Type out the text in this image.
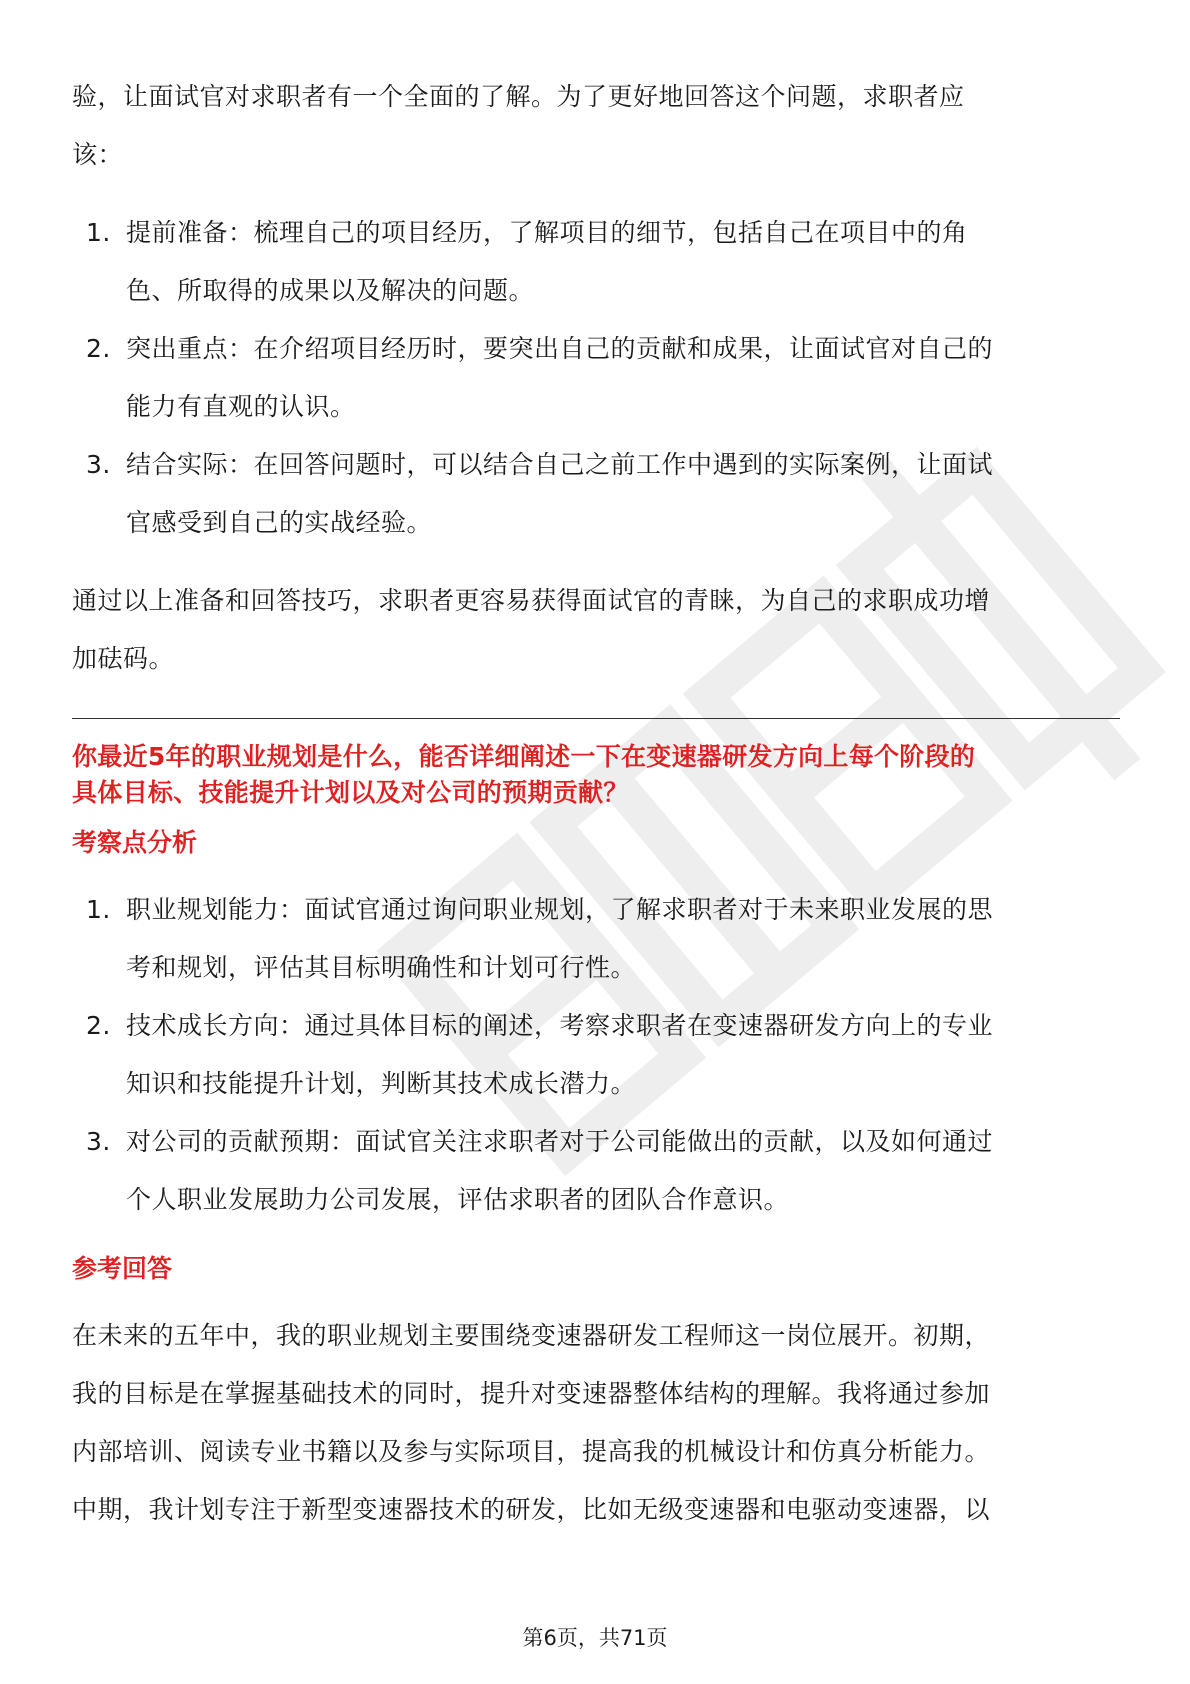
验，让面试官对求职者有一个全面的了解。为了更好地回答这个问题，求职者应
该：

1. 提前准备：梳理自己的项目经历，了解项目的细节，包括自己在项目中的角
色、所取得的成果以及解决的问题。
2. 突出重点：在介绍项目经历时，要突出自己的贡献和成果，让面试官对自己的
能力有直观的认识。
3. 结合实际：在回答问题时，可以结合自己之前工作中遇到的实际案例，让面试
官感受到自己的实战经验。

通过以上准备和回答技巧，求职者更容易获得面试官的青睐，为自己的求职成功增
加砝码。

你最近5年的职业规划是什么，能否详细阐述一下在变速器研发方向上每个阶段的
具体目标、技能提升计划以及对公司的预期贡献？

考察点分析

1. 职业规划能力：面试官通过询问职业规划，了解求职者对于未来职业发展的思
考和规划，评估其目标明确性和计划可行性。
2. 技术成长方向：通过具体目标的阐述，考察求职者在变速器研发方向上的专业
知识和技能提升计划，判断其技术成长潜力。
3. 对公司的贡献预期：面试官关注求职者对于公司能做出的贡献，以及如何通过
个人职业发展助力公司发展，评估求职者的团队合作意识。

参考回答

在未来的五年中，我的职业规划主要围绕变速器研发工程师这一岗位展开。初期，
我的目标是在掌握基础技术的同时，提升对变速器整体结构的理解。我将通过参加
内部培训、阅读专业书籍以及参与实际项目，提高我的机械设计和仿真分析能力。
中期，我计划专注于新型变速器技术的研发，比如无级变速器和电驱动变速器，以

第6页，共71页
